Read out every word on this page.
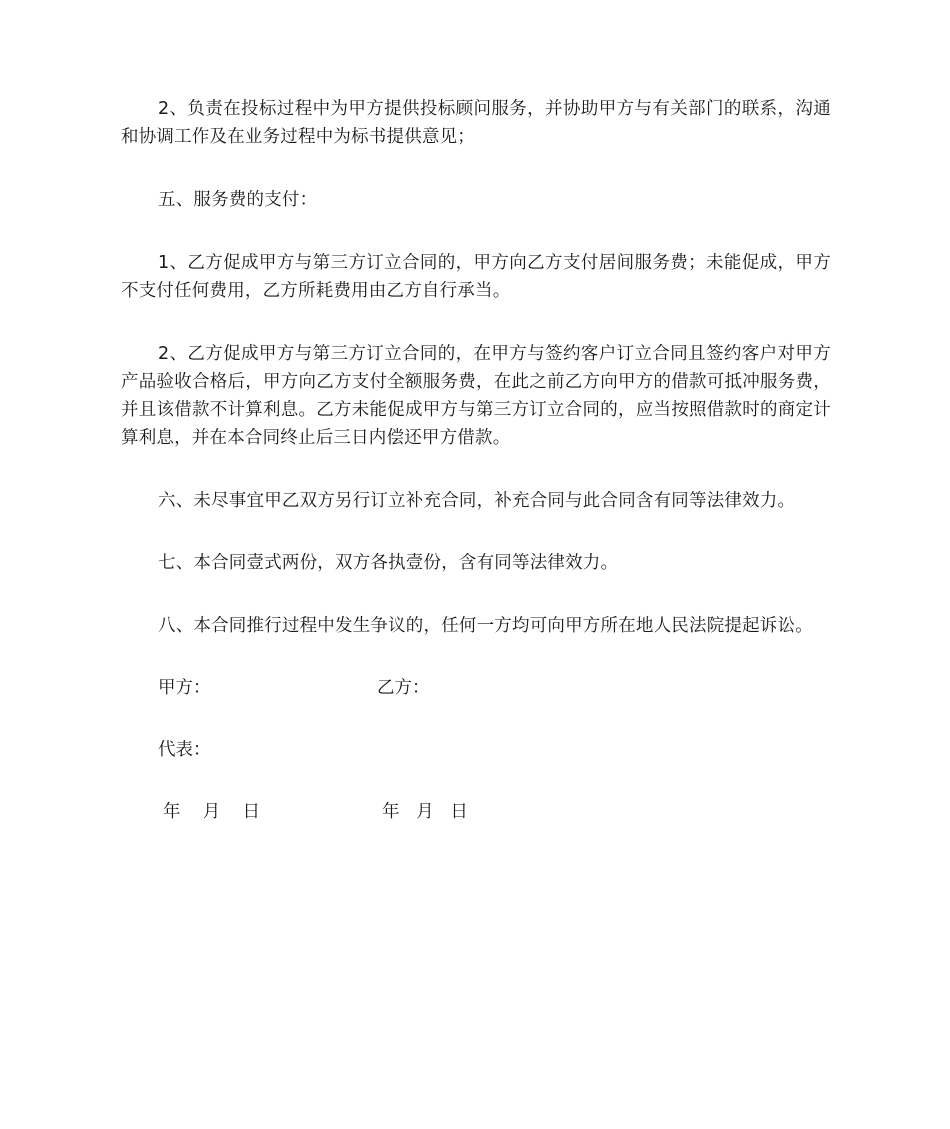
2、负责在投标过程中为甲方提供投标顾问服务，并协助甲方与有关部门的联系，沟通和协调工作及在业务过程中为标书提供意见；

五、服务费的支付：

1、乙方促成甲方与第三方订立合同的，甲方向乙方支付居间服务费；未能促成，甲方不支付任何费用，乙方所耗费用由乙方自行承当。

2、乙方促成甲方与第三方订立合同的，在甲方与签约客户订立合同且签约客户对甲方产品验收合格后，甲方向乙方支付全额服务费，在此之前乙方向甲方的借款可抵冲服务费，并且该借款不计算利息。乙方未能促成甲方与第三方订立合同的，应当按照借款时的商定计算利息，并在本合同终止后三日内偿还甲方借款。

六、未尽事宜甲乙双方另行订立补充合同，补充合同与此合同含有同等法律效力。

七、本合同壹式两份，双方各执壹份，含有同等法律效力。

八、本合同推行过程中发生争议的，任何一方均可向甲方所在地人民法院提起诉讼。

甲方：	乙方：

代表：

年    月    日	年   月   日
